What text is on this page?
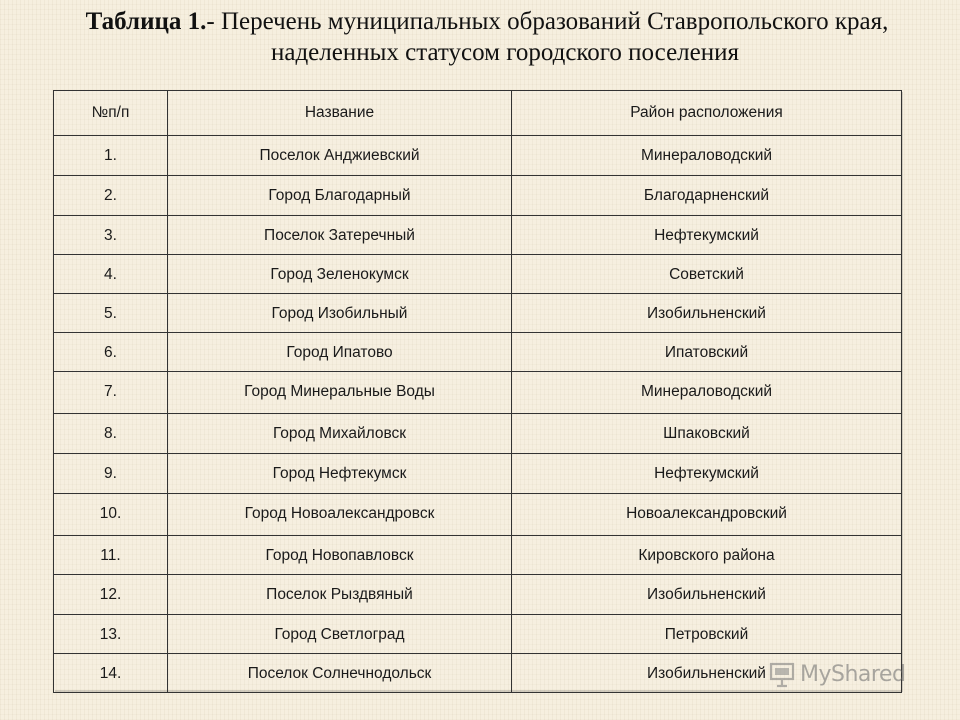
Таблица 1.- Перечень муниципальных образований Ставропольского края,
наделенных статусом городского поселения
№п/п	Название	Район расположения
1.	Поселок Анджиевский	Минераловодский
2.	Город Благодарный	Благодарненский
3.	Поселок Затеречный	Нефтекумский
4.	Город Зеленокумск	Советский
5.	Город Изобильный	Изобильненский
6.	Город Ипатово	Ипатовский
7.	Город Минеральные Воды	Минераловодский
8.	Город Михайловск	Шпаковский
9.	Город Нефтекумск	Нефтекумский
10.	Город Новоалександровск	Новоалександровский
11.	Город Новопавловск	Кировского района
12.	Поселок Рыздвяный	Изобильненский
13.	Город Светлоград	Петровский
14.	Поселок Солнечнодольск	Изобильненский MyShared
